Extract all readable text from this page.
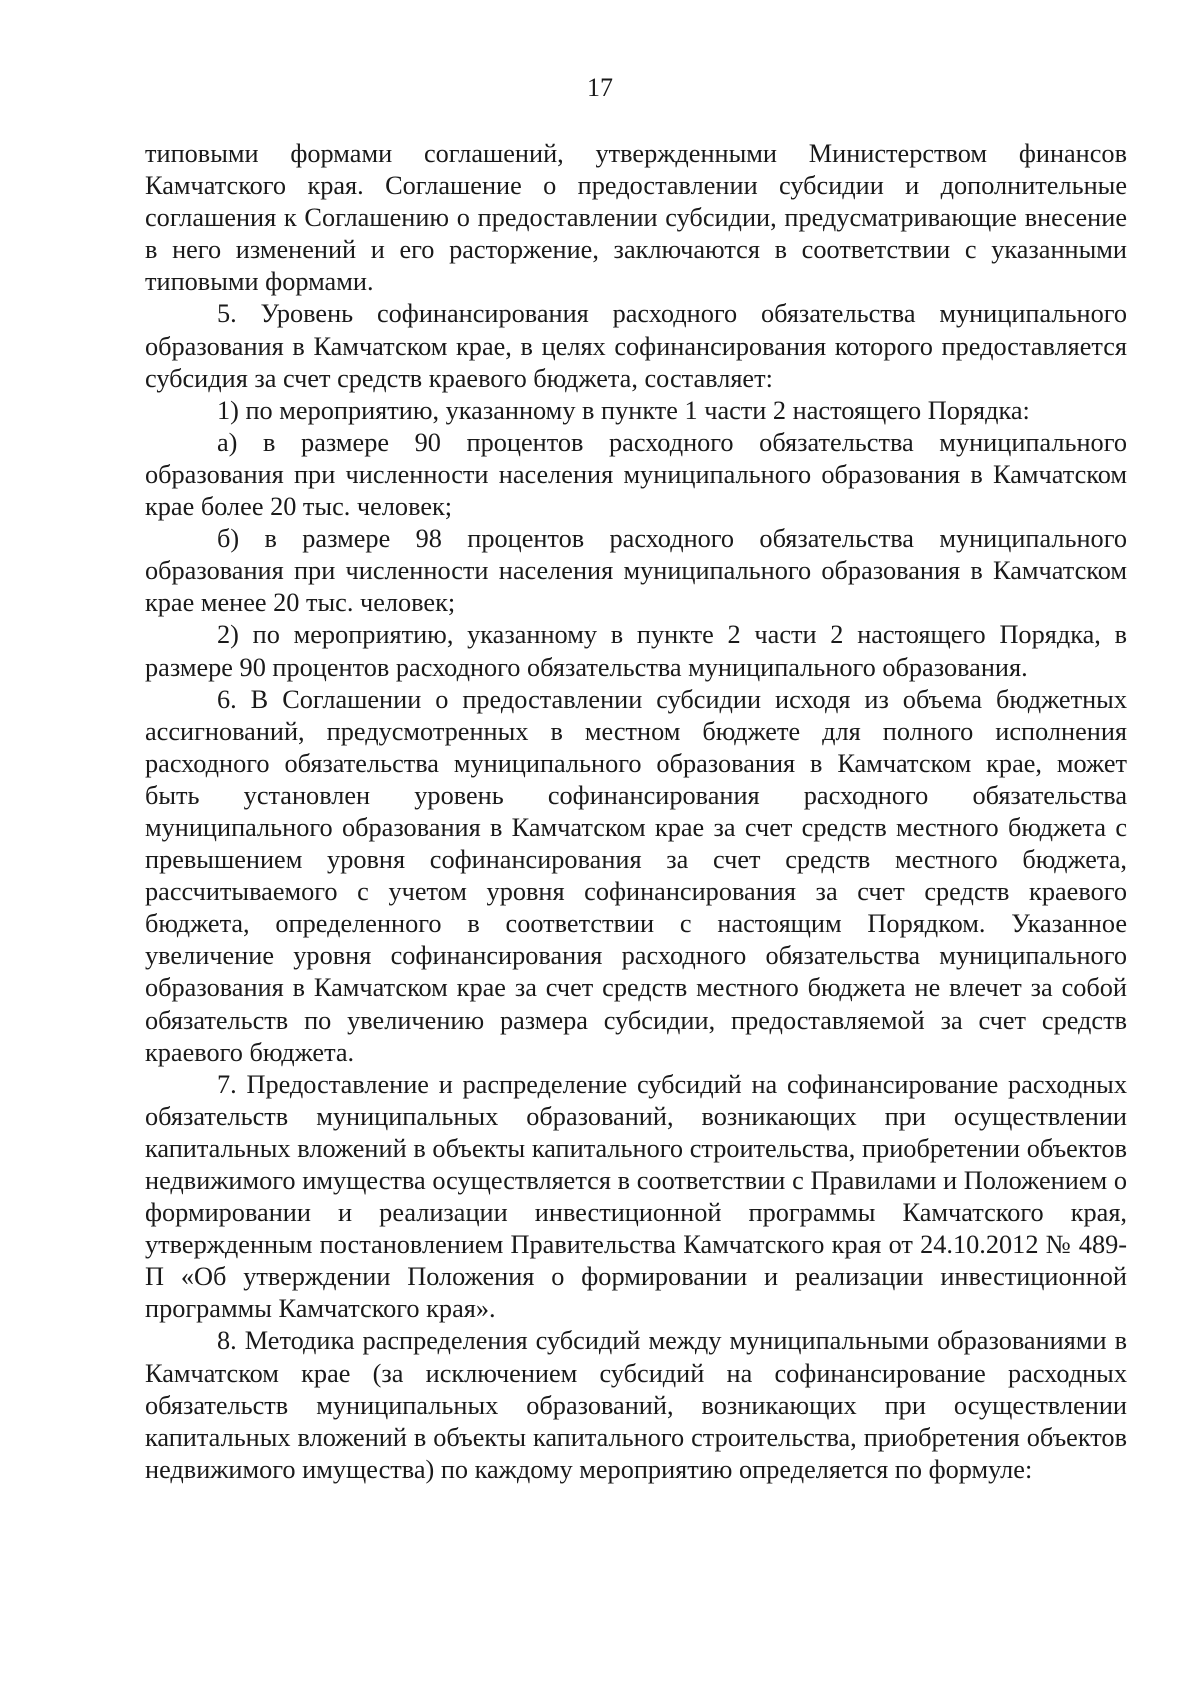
17

типовыми формами соглашений, утвержденными Министерством финансов Камчатского края. Соглашение о предоставлении субсидии и дополнительные соглашения к Соглашению о предоставлении субсидии, предусматривающие внесение в него изменений и его расторжение, заключаются в соответствии с указанными типовыми формами.

5. Уровень софинансирования расходного обязательства муниципального образования в Камчатском крае, в целях софинансирования которого предоставляется субсидия за счет средств краевого бюджета, составляет:

1) по мероприятию, указанному в пункте 1 части 2 настоящего Порядка:

а) в размере 90 процентов расходного обязательства муниципального образования при численности населения муниципального образования в Камчатском крае более 20 тыс. человек;

б) в размере 98 процентов расходного обязательства муниципального образования при численности населения муниципального образования в Камчатском крае менее 20 тыс. человек;

2) по мероприятию, указанному в пункте 2 части 2 настоящего Порядка, в размере 90 процентов расходного обязательства муниципального образования.

6. В Соглашении о предоставлении субсидии исходя из объема бюджетных ассигнований, предусмотренных в местном бюджете для полного исполнения расходного обязательства муниципального образования в Камчатском крае, может быть установлен уровень софинансирования расходного обязательства муниципального образования в Камчатском крае за счет средств местного бюджета с превышением уровня софинансирования за счет средств местного бюджета, рассчитываемого с учетом уровня софинансирования за счет средств краевого бюджета, определенного в соответствии с настоящим Порядком. Указанное увеличение уровня софинансирования расходного обязательства муниципального образования в Камчатском крае за счет средств местного бюджета не влечет за собой обязательств по увеличению размера субсидии, предоставляемой за счет средств краевого бюджета.

7. Предоставление и распределение субсидий на софинансирование расходных обязательств муниципальных образований, возникающих при осуществлении капитальных вложений в объекты капитального строительства, приобретении объектов недвижимого имущества осуществляется в соответствии с Правилами и Положением о формировании и реализации инвестиционной программы Камчатского края, утвержденным постановлением Правительства Камчатского края от 24.10.2012 № 489-П «Об утверждении Положения о формировании и реализации инвестиционной программы Камчатского края».

8. Методика распределения субсидий между муниципальными образованиями в Камчатском крае (за исключением субсидий на софинансирование расходных обязательств муниципальных образований, возникающих при осуществлении капитальных вложений в объекты капитального строительства, приобретения объектов недвижимого имущества) по каждому мероприятию определяется по формуле:
